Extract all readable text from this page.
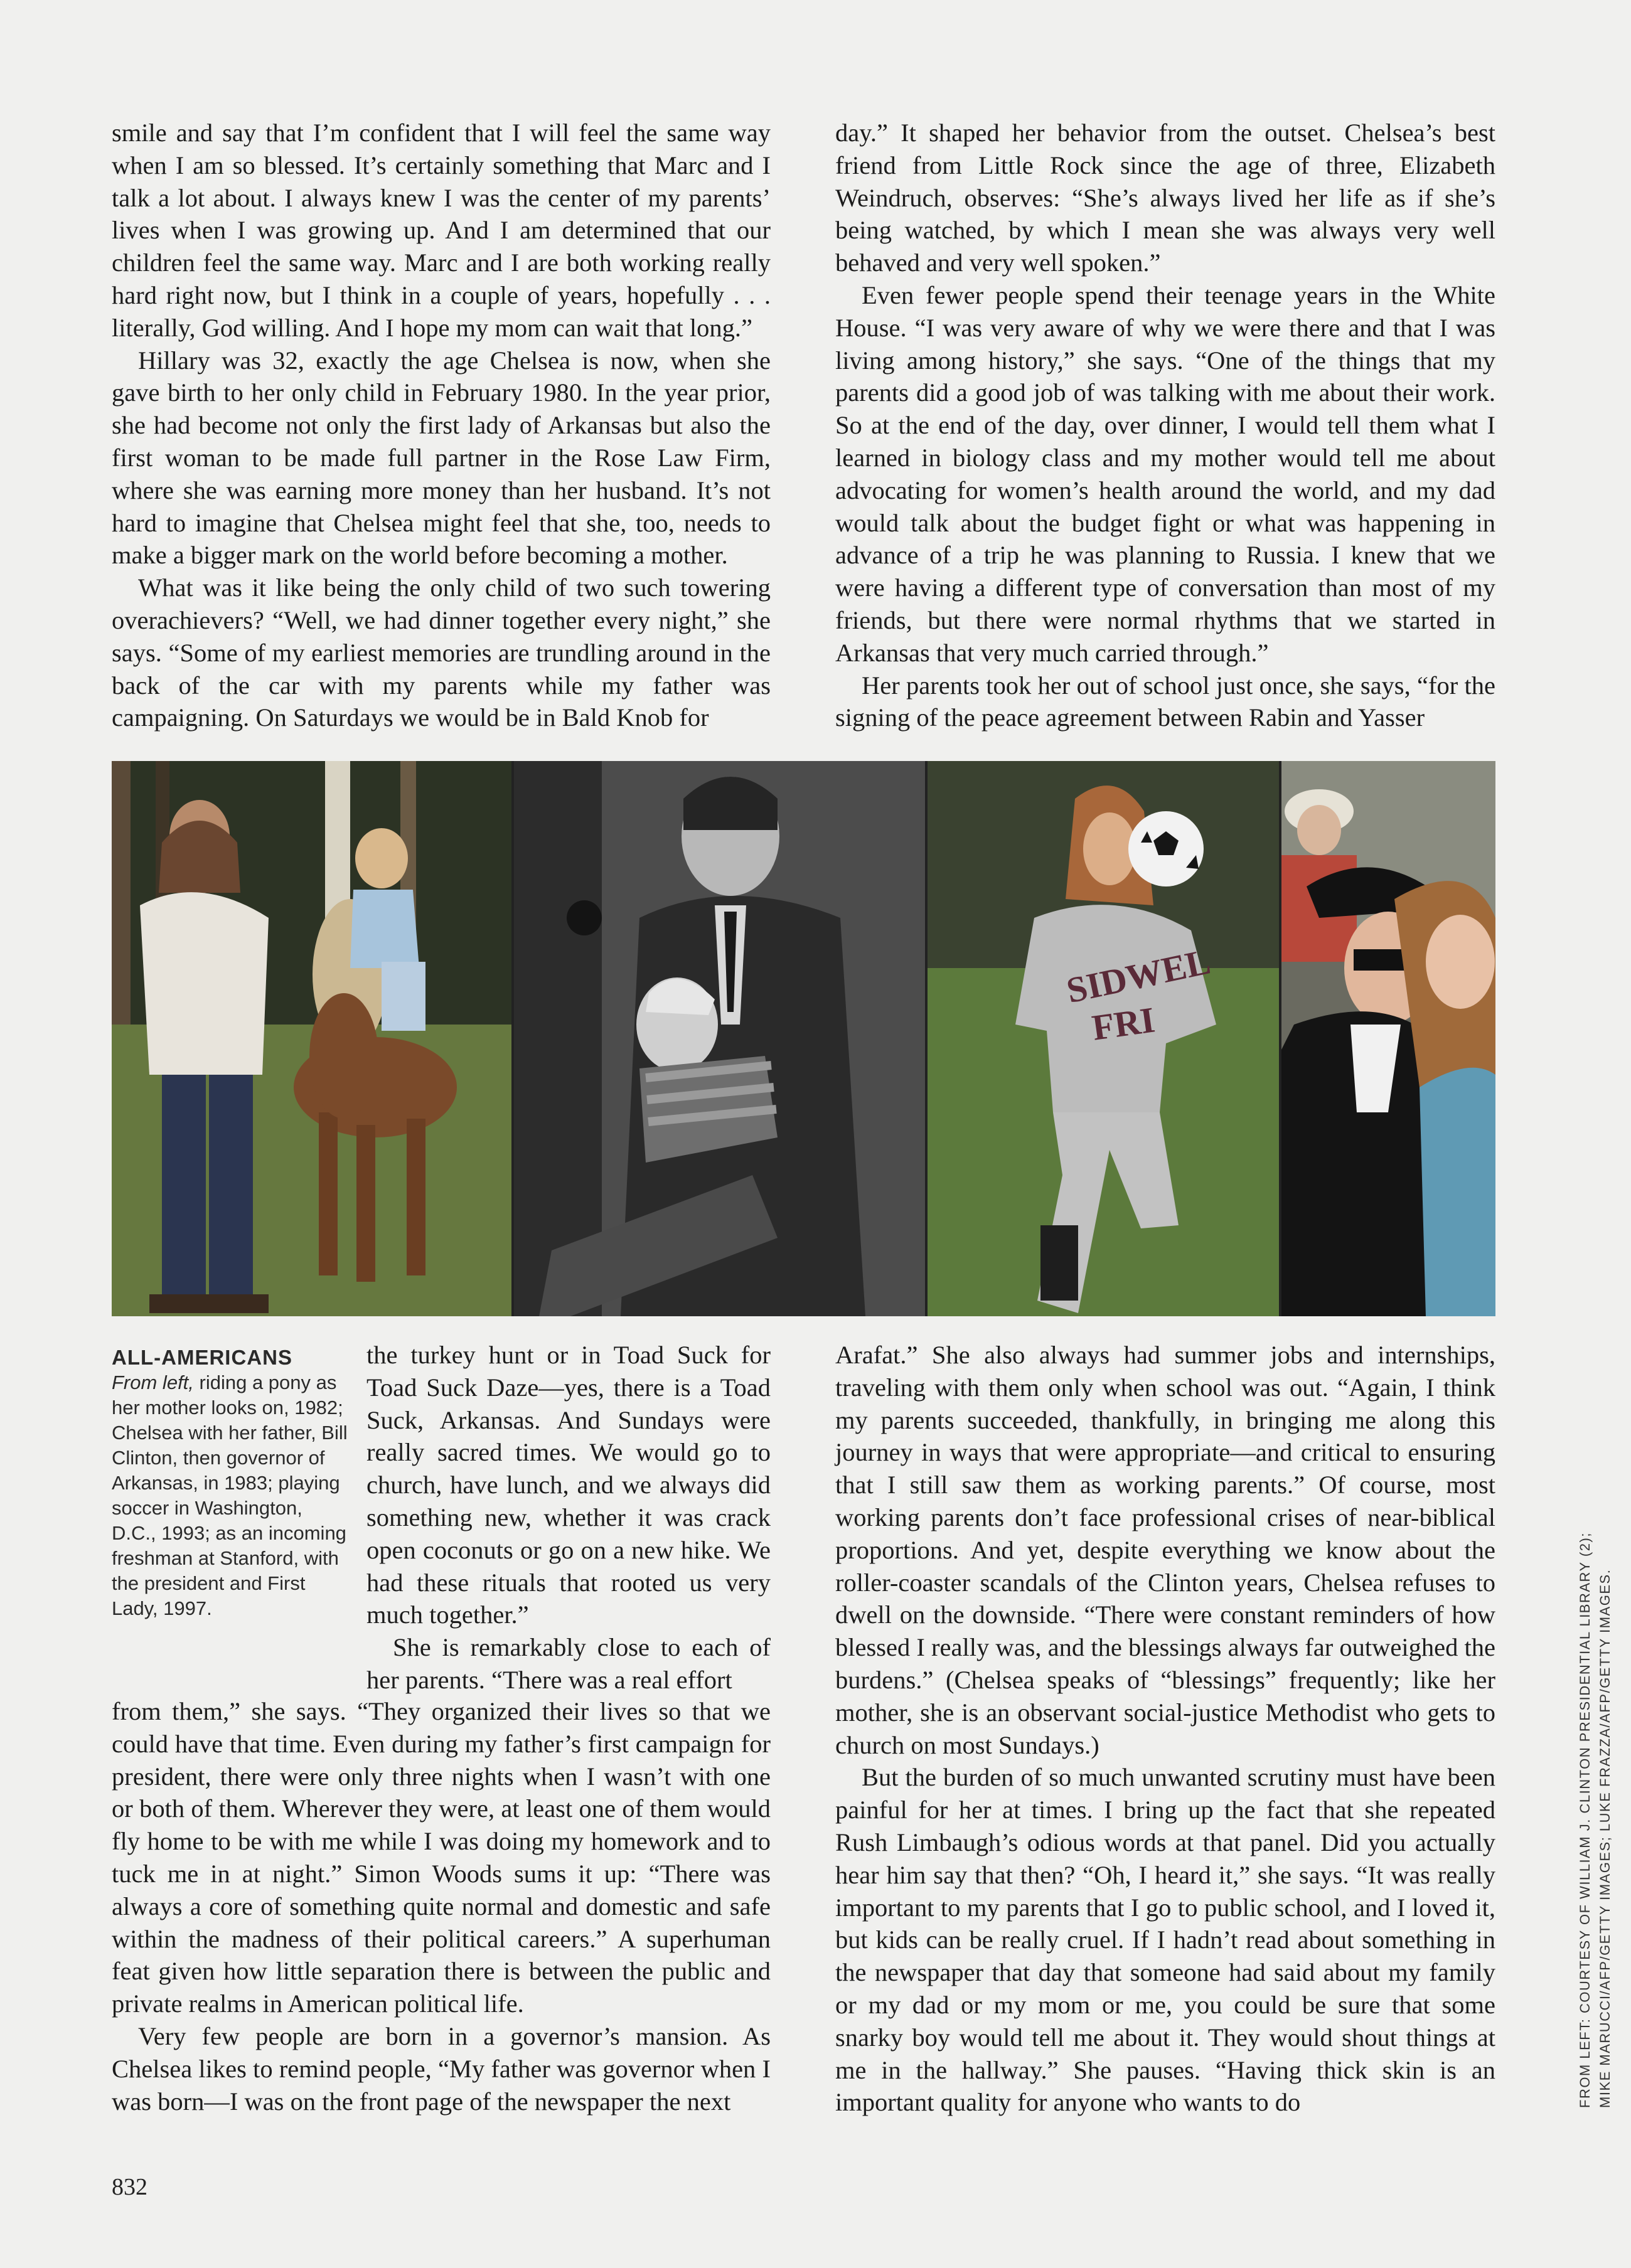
smile and say that I’m confident that I will feel the same way when I am so blessed. It’s certainly something that Marc and I talk a lot about. I always knew I was the center of my parents’ lives when I was growing up. And I am determined that our children feel the same way. Marc and I are both working really hard right now, but I think in a couple of years, hopefully . . . literally, God willing. And I hope my mom can wait that long.”

Hillary was 32, exactly the age Chelsea is now, when she gave birth to her only child in February 1980. In the year prior, she had become not only the first lady of Arkansas but also the first woman to be made full partner in the Rose Law Firm, where she was earning more money than her husband. It’s not hard to imagine that Chelsea might feel that she, too, needs to make a bigger mark on the world before becoming a mother.

What was it like being the only child of two such towering overachievers? “Well, we had dinner together every night,” she says. “Some of my earliest memories are trundling around in the back of the car with my parents while my father was campaigning. On Saturdays we would be in Bald Knob for

day.” It shaped her behavior from the outset. Chelsea’s best friend from Little Rock since the age of three, Elizabeth Weindruch, observes: “She’s always lived her life as if she’s being watched, by which I mean she was always very well behaved and very well spoken.”

Even fewer people spend their teenage years in the White House. “I was very aware of why we were there and that I was living among history,” she says. “One of the things that my parents did a good job of was talking with me about their work. So at the end of the day, over dinner, I would tell them what I learned in biology class and my mother would tell me about advocating for women’s health around the world, and my dad would talk about the budget fight or what was happening in advance of a trip he was planning to Russia. I knew that we were having a different type of conversation than most of my friends, but there were normal rhythms that we started in Arkansas that very much carried through.”

Her parents took her out of school just once, she says, “for the signing of the peace agreement between Rabin and Yasser

SIDWEL
FRI
ALL-AMERICANS
From left, riding a pony as her mother looks on, 1982; Chelsea with her father, Bill Clinton, then governor of Arkansas, in 1983; playing soccer in Washington, D.C., 1993; as an incoming freshman at Stanford, with the president and First Lady, 1997.

the turkey hunt or in Toad Suck for Toad Suck Daze—yes, there is a Toad Suck, Arkansas. And Sundays were really sacred times. We would go to church, have lunch, and we always did something new, whether it was crack open coconuts or go on a new hike. We had these rituals that rooted us very much together.”

She is remarkably close to each of her parents. “There was a real effort

from them,” she says. “They organized their lives so that we could have that time. Even during my father’s first campaign for president, there were only three nights when I wasn’t with one or both of them. Wherever they were, at least one of them would fly home to be with me while I was doing my homework and to tuck me in at night.” Simon Woods sums it up: “There was always a core of something quite normal and domestic and safe within the madness of their political careers.” A superhuman feat given how little separation there is between the public and private realms in American political life.

Very few people are born in a governor’s mansion. As Chelsea likes to remind people, “My father was governor when I was born—I was on the front page of the newspaper the next

Arafat.” She also always had summer jobs and internships, traveling with them only when school was out. “Again, I think my parents succeeded, thankfully, in bringing me along this journey in ways that were appropriate—and critical to ensuring that I still saw them as working parents.” Of course, most working parents don’t face professional crises of near-biblical proportions. And yet, despite everything we know about the roller-coaster scandals of the Clinton years, Chelsea refuses to dwell on the downside. “There were constant reminders of how blessed I really was, and the blessings always far outweighed the burdens.” (Chelsea speaks of “blessings” frequently; like her mother, she is an observant social-justice Methodist who gets to church on most Sundays.)

But the burden of so much unwanted scrutiny must have been painful for her at times. I bring up the fact that she repeated Rush Limbaugh’s odious words at that panel. Did you actually hear him say that then? “Oh, I heard it,” she says. “It was really important to my parents that I go to public school, and I loved it, but kids can be really cruel. If I hadn’t read about something in the newspaper that day that someone had said about my family or my dad or my mom or me, you could be sure that some snarky boy would tell me about it. They would shout things at me in the hallway.” She pauses. “Having thick skin is an important quality for anyone who wants to do	FROM LEFT: COURTESY OF WILLIAM J. CLINTON PRESIDENTIAL LIBRARY (2); MIKE MARUCCI/AFP/GETTY IMAGES; LUKE FRAZZA/AFP/GETTY IMAGES.
832
